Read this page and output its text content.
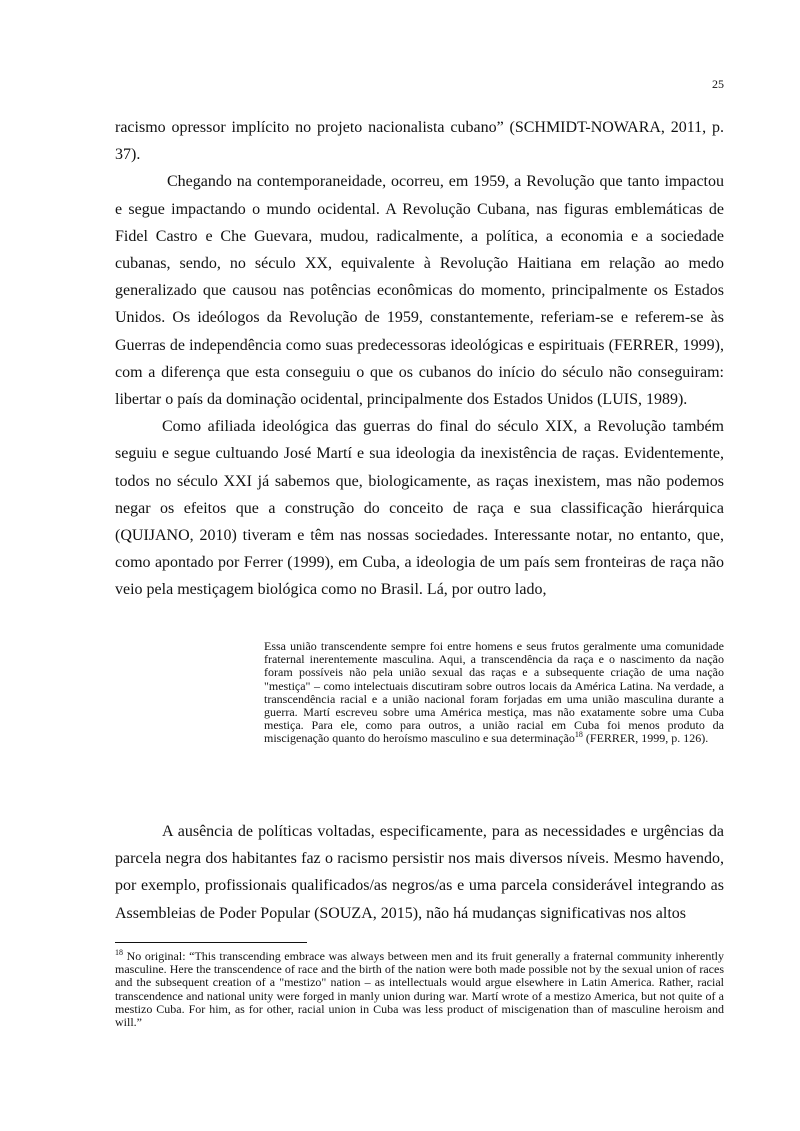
25

racismo opressor implícito no projeto nacionalista cubano” (SCHMIDT-NOWARA, 2011, p. 37).

Chegando na contemporaneidade, ocorreu, em 1959, a Revolução que tanto impactou e segue impactando o mundo ocidental. A Revolução Cubana, nas figuras emblemáticas de Fidel Castro e Che Guevara, mudou, radicalmente, a política, a economia e a sociedade cubanas, sendo, no século XX, equivalente à Revolução Haitiana em relação ao medo generalizado que causou nas potências econômicas do momento, principalmente os Estados Unidos. Os ideólogos da Revolução de 1959, constantemente, referiam-se e referem-se às Guerras de independência como suas predecessoras ideológicas e espirituais (FERRER, 1999), com a diferença que esta conseguiu o que os cubanos do início do século não conseguiram: libertar o país da dominação ocidental, principalmente dos Estados Unidos (LUIS, 1989).

Como afiliada ideológica das guerras do final do século XIX, a Revolução também seguiu e segue cultuando José Martí e sua ideologia da inexistência de raças. Evidentemente, todos no século XXI já sabemos que, biologicamente, as raças inexistem, mas não podemos negar os efeitos que a construção do conceito de raça e sua classificação hierárquica (QUIJANO, 2010) tiveram e têm nas nossas sociedades. Interessante notar, no entanto, que, como apontado por Ferrer (1999), em Cuba, a ideologia de um país sem fronteiras de raça não veio pela mestiçagem biológica como no Brasil. Lá, por outro lado,

Essa união transcendente sempre foi entre homens e seus frutos geralmente uma comunidade fraternal inerentemente masculina. Aqui, a transcendência da raça e o nascimento da nação foram possíveis não pela união sexual das raças e a subsequente criação de uma nação "mestiça" – como intelectuais discutiram sobre outros locais da América Latina. Na verdade, a transcendência racial e a união nacional foram forjadas em uma união masculina durante a guerra. Martí escreveu sobre uma América mestiça, mas não exatamente sobre uma Cuba mestiça. Para ele, como para outros, a união racial em Cuba foi menos produto da miscigenação quanto do heroísmo masculino e sua determinação$^{18}$ (FERRER, 1999, p. 126).

A ausência de políticas voltadas, especificamente, para as necessidades e urgências da parcela negra dos habitantes faz o racismo persistir nos mais diversos níveis. Mesmo havendo, por exemplo, profissionais qualificados/as negros/as e uma parcela considerável integrando as Assembleias de Poder Popular (SOUZA, 2015), não há mudanças significativas nos altos

$^{18}$ No original: “This transcending embrace was always between men and its fruit generally a fraternal community inherently masculine. Here the transcendence of race and the birth of the nation were both made possible not by the sexual union of races and the subsequent creation of a "mestizo" nation – as intellectuals would argue elsewhere in Latin America. Rather, racial transcendence and national unity were forged in manly union during war. Martí wrote of a mestizo America, but not quite of a mestizo Cuba. For him, as for other, racial union in Cuba was less product of miscigenation than of masculine heroism and will.”
